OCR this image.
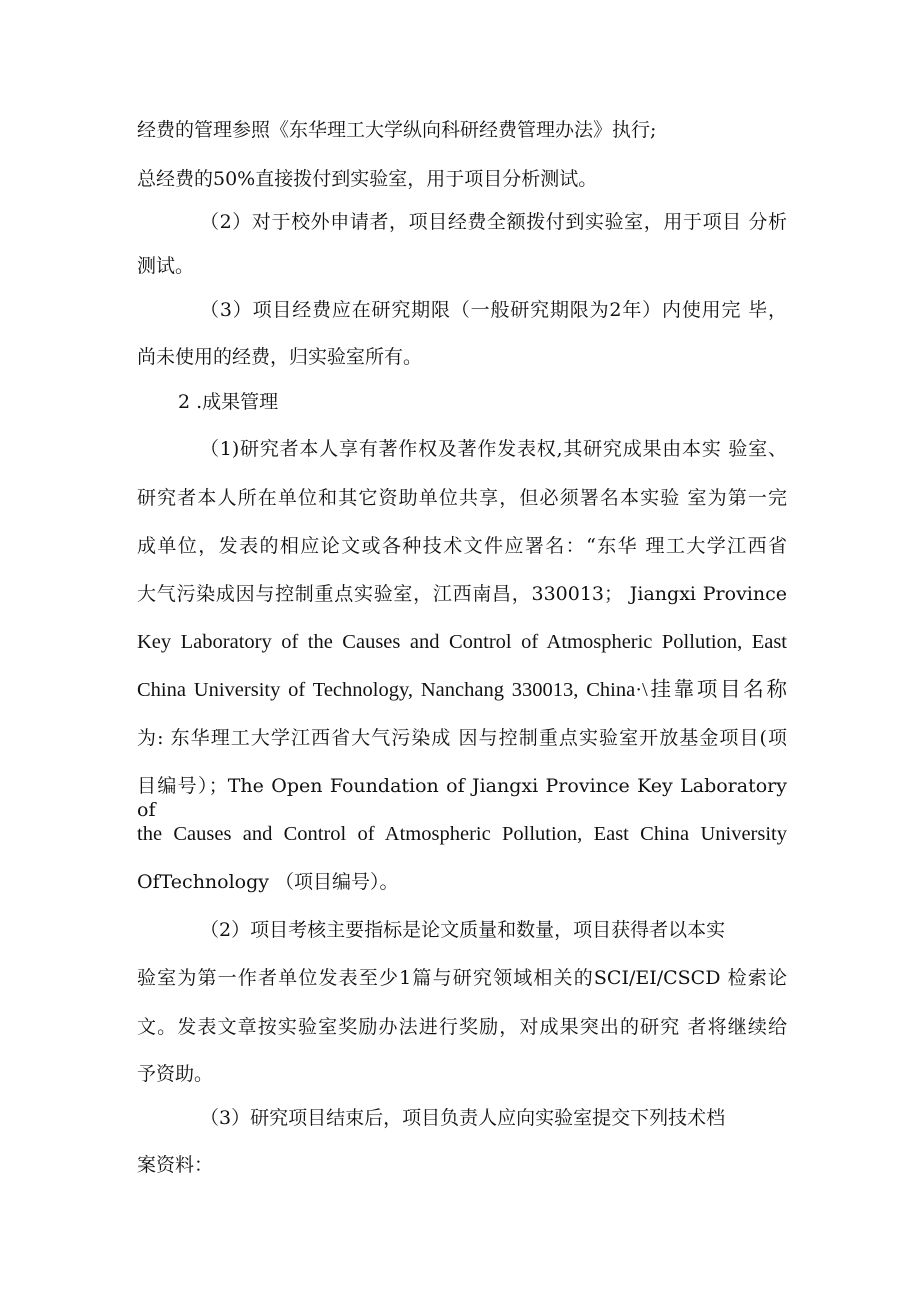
经费的管理参照《东华理工大学纵向科研经费管理办法》执行;
总经费的50%直接拨付到实验室，用于项目分析测试。
（2）对于校外申请者，项目经费全额拨付到实验室，用于项目 分析
测试。
（3）项目经费应在研究期限（一般研究期限为2年）内使用完 毕，
尚未使用的经费，归实验室所有。
2 .成果管理
（1)研究者本人享有著作权及著作发表权,其研究成果由本实 验室、
研究者本人所在单位和其它资助单位共享，但必须署名本实验 室为第一完
成单位，发表的相应论文或各种技术文件应署名：“东华 理工大学江西省
大气污染成因与控制重点实验室，江西南昌，330013； Jiangxi Province
Key Laboratory of the Causes and Control of Atmospheric Pollution, East
China University of Technology, Nanchang 330013, China·\挂靠项目名称
为: 东华理工大学江西省大气污染成 因与控制重点实验室开放基金项目(项
目编号）；The Open Foundation of Jiangxi Province Key Laboratory of
the Causes and Control of Atmospheric Pollution, East China University
OfTechnology （项目编号）。
（2）项目考核主要指标是论文质量和数量，项目获得者以本实
验室为第一作者单位发表至少1篇与研究领域相关的SCI/EI/CSCD 检索论
文。发表文章按实验室奖励办法进行奖励，对成果突出的研究 者将继续给
予资助。
（3）研究项目结束后，项目负责人应向实验室提交下列技术档
案资料：
